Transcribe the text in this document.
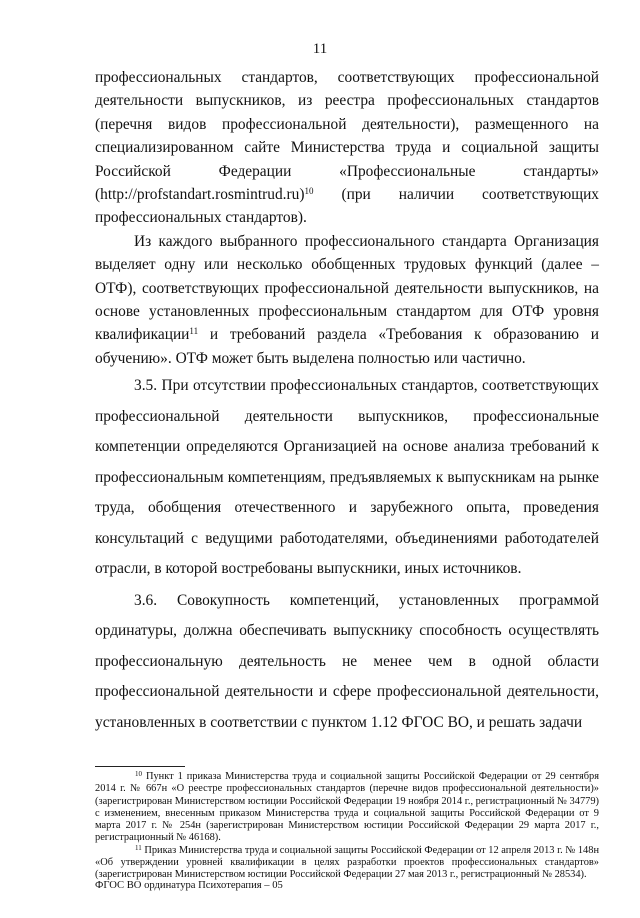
11

профессиональных стандартов, соответствующих профессиональной деятельности выпускников, из реестра профессиональных стандартов (перечня видов профессиональной деятельности), размещенного на специализированном сайте Министерства труда и социальной защиты Российской Федерации «Профессиональные стандарты» (http://profstandart.rosmintrud.ru)$^{10}$ (при наличии соответствующих профессиональных стандартов).

Из каждого выбранного профессионального стандарта Организация выделяет одну или несколько обобщенных трудовых функций (далее – ОТФ), соответствующих профессиональной деятельности выпускников, на основе установленных профессиональным стандартом для ОТФ уровня квалификации$^{11}$ и требований раздела «Требования к образованию и обучению». ОТФ может быть выделена полностью или частично.

3.5. При отсутствии профессиональных стандартов, соответствующих профессиональной деятельности выпускников, профессиональные компетенции определяются Организацией на основе анализа требований к профессиональным компетенциям, предъявляемых к выпускникам на рынке труда, обобщения отечественного и зарубежного опыта, проведения консультаций с ведущими работодателями, объединениями работодателей отрасли, в которой востребованы выпускники, иных источников.

3.6. Совокупность компетенций, установленных программой ординатуры, должна обеспечивать выпускнику способность осуществлять профессиональную деятельность не менее чем в одной области профессиональной деятельности и сфере профессиональной деятельности, установленных в соответствии с пунктом 1.12 ФГОС ВО, и решать задачи

$^{10}$ Пункт 1 приказа Министерства труда и социальной защиты Российской Федерации от 29 сентября 2014 г. № 667н «О реестре профессиональных стандартов (перечне видов профессиональной деятельности)» (зарегистрирован Министерством юстиции Российской Федерации 19 ноября 2014 г., регистрационный № 34779) с изменением, внесенным приказом Министерства труда и социальной защиты Российской Федерации от 9 марта 2017 г. № 254н (зарегистрирован Министерством юстиции Российской Федерации 29 марта 2017 г., регистрационный № 46168).

$^{11}$ Приказ Министерства труда и социальной защиты Российской Федерации от 12 апреля 2013 г. № 148н «Об утверждении уровней квалификации в целях разработки проектов профессиональных стандартов» (зарегистрирован Министерством юстиции Российской Федерации 27 мая 2013 г., регистрационный № 28534).

ФГОС ВО ординатура Психотерапия – 05
